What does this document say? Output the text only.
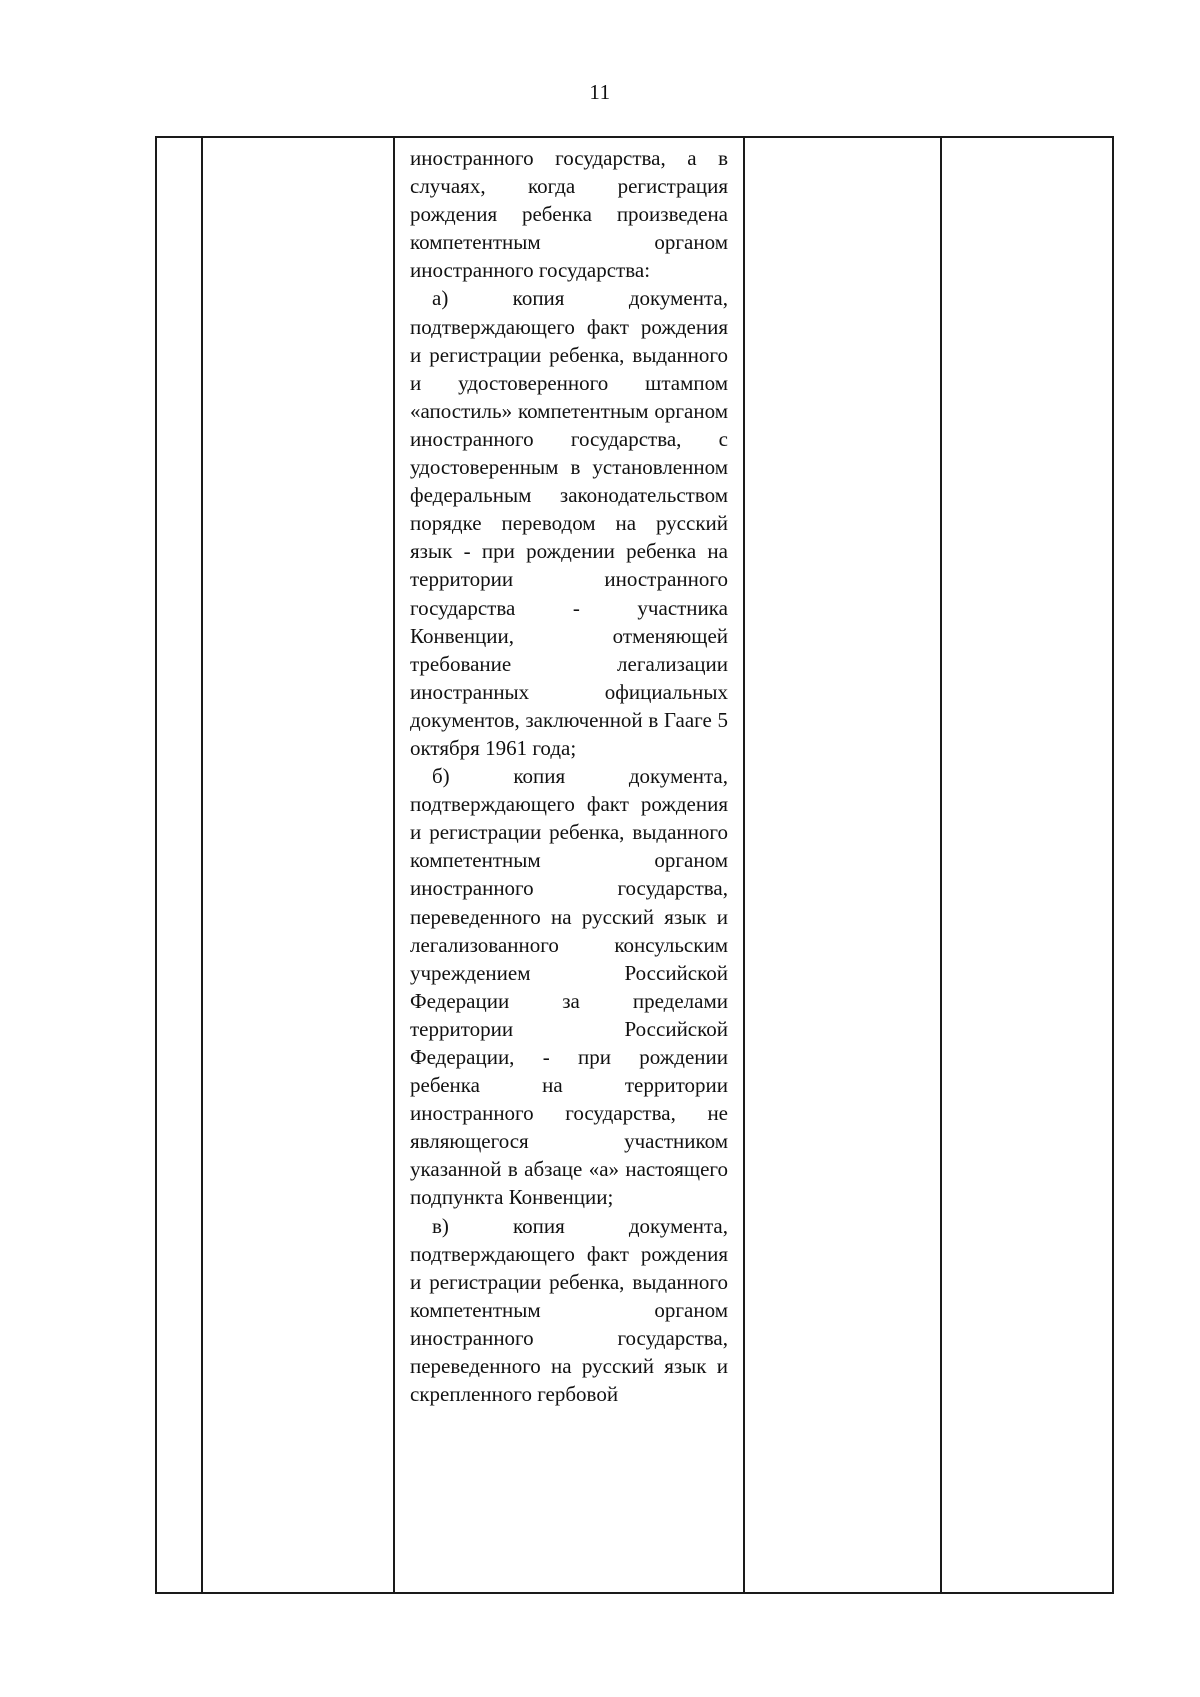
11

иностранного государства, а в случаях, когда регистрация рождения ребенка произведена компетентным органом иностранного государства:

а) копия документа, подтверждающего факт рождения и регистрации ребенка, выданного и удостоверенного штампом «апостиль» компетентным органом иностранного государства, с удостоверенным в установленном федеральным законодательством порядке переводом на русский язык - при рождении ребенка на территории иностранного государства - участника Конвенции, отменяющей требование легализации иностранных официальных документов, заключенной в Гааге 5 октября 1961 года;

б) копия документа, подтверждающего факт рождения и регистрации ребенка, выданного компетентным органом иностранного государства, переведенного на русский язык и легализованного консульским учреждением Российской Федерации за пределами территории Российской Федерации, - при рождении ребенка на территории иностранного государства, не являющегося участником указанной в абзаце «а» настоящего подпункта Конвенции;

в) копия документа, подтверждающего факт рождения и регистрации ребенка, выданного компетентным органом иностранного государства, переведенного на русский язык и скрепленного гербовой
